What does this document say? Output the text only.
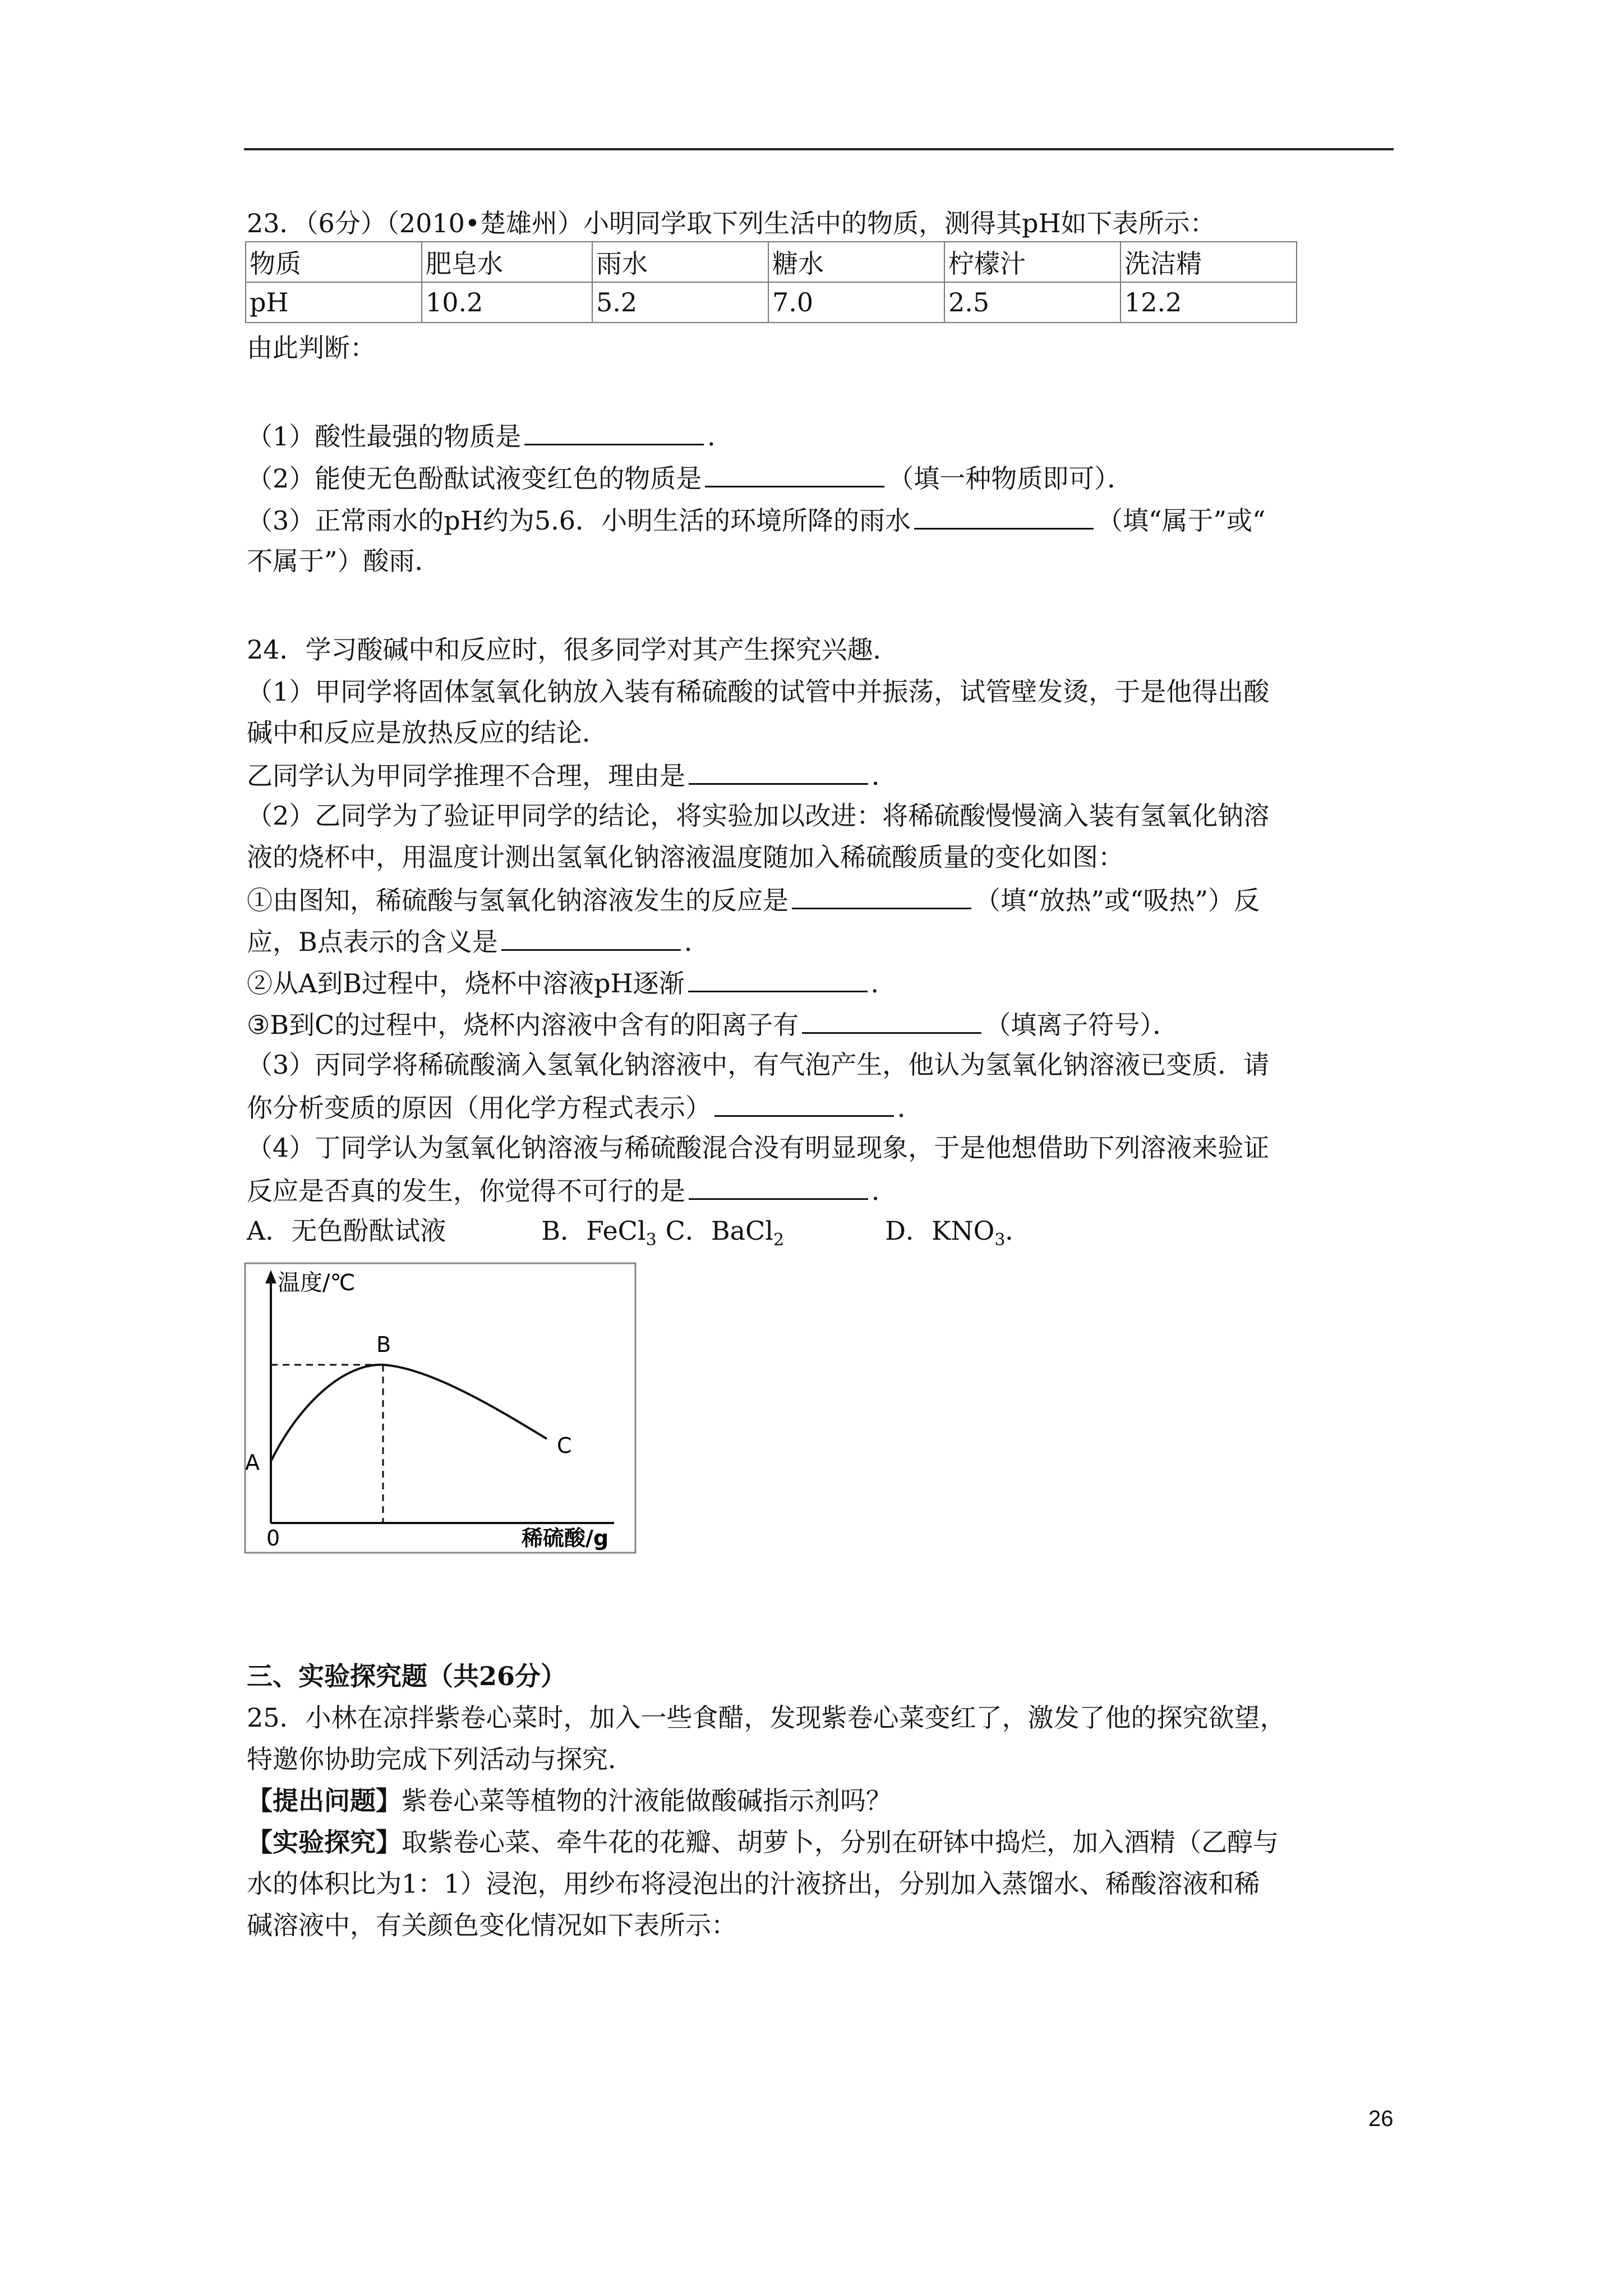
23．（6分）（2010•楚雄州）小明同学取下列生活中的物质，测得其pH如下表所示：
物质	肥皂水	雨水	糖水	柠檬汁	洗洁精
pH	10.2	5.2	7.0	2.5	12.2
由此判断：
（1）酸性最强的物质是	．
（2）能使无色酚酞试液变红色的物质是	（填一种物质即可）．
（3）正常雨水的pH约为5.6．小明生活的环境所降的雨水	（填“属于”或“
不属于”）酸雨．
24．学习酸碱中和反应时，很多同学对其产生探究兴趣．
（1）甲同学将固体氢氧化钠放入装有稀硫酸的试管中并振荡，试管壁发烫，于是他得出酸
碱中和反应是放热反应的结论．
乙同学认为甲同学推理不合理，理由是	．
（2）乙同学为了验证甲同学的结论，将实验加以改进：将稀硫酸慢慢滴入装有氢氧化钠溶
液的烧杯中，用温度计测出氢氧化钠溶液温度随加入稀硫酸质量的变化如图：
①由图知，稀硫酸与氢氧化钠溶液发生的反应是	（填“放热”或“吸热”）反
应，B点表示的含义是	．
②从A到B过程中，烧杯中溶液pH逐渐	．
③B到C的过程中，烧杯内溶液中含有的阳离子有	（填离子符号）．
（3）丙同学将稀硫酸滴入氢氧化钠溶液中，有气泡产生，他认为氢氧化钠溶液已变质．请
你分析变质的原因（用化学方程式表示）	．
（4）丁同学认为氢氧化钠溶液与稀硫酸混合没有明显现象，于是他想借助下列溶液来验证
反应是否真的发生，你觉得不可行的是	．
A．无色酚酞试液	B．FeCl$_3$ C．BaCl$_2$	D．$KNO_3$．
温度/℃
稀硫酸/g
0
A
B
C
三、实验探究题（共26分）
25．小林在凉拌紫卷心菜时，加入一些食醋，发现紫卷心菜变红了，激发了他的探究欲望，
特邀你协助完成下列活动与探究．
【提出问题】紫卷心菜等植物的汁液能做酸碱指示剂吗？
【实验探究】取紫卷心菜、牵牛花的花瓣、胡萝卜，分别在研钵中捣烂，加入酒精（乙醇与
水的体积比为1：1）浸泡，用纱布将浸泡出的汁液挤出，分别加入蒸馏水、稀酸溶液和稀
碱溶液中，有关颜色变化情况如下表所示：
26
